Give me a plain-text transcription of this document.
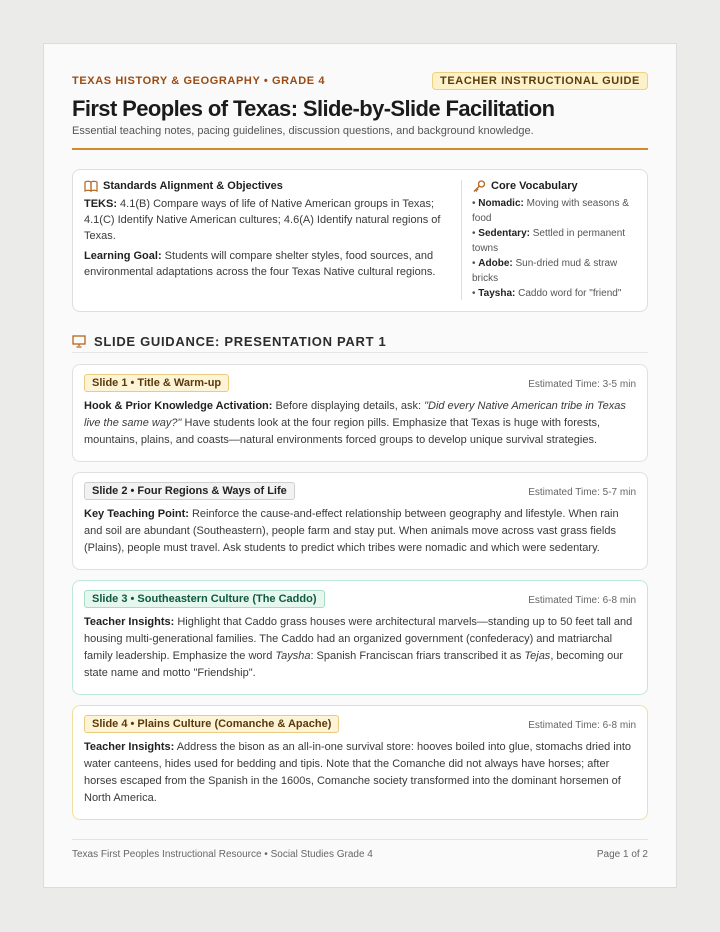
TEXAS HISTORY & GEOGRAPHY • GRADE 4	TEACHER INSTRUCTIONAL GUIDE
First Peoples of Texas: Slide-by-Slide Facilitation
Essential teaching notes, pacing guidelines, discussion questions, and background knowledge.
Standards Alignment & Objectives

TEKS: 4.1(B) Compare ways of life of Native American groups in Texas; 4.1(C) Identify Native American cultures; 4.6(A) Identify natural regions of Texas.

Learning Goal: Students will compare shelter styles, food sources, and environmental adaptations across the four Texas Native cultural regions.

Core Vocabulary
• Nomadic: Moving with seasons & food
• Sedentary: Settled in permanent towns
• Adobe: Sun-dried mud & straw bricks
• Taysha: Caddo word for "friend"
SLIDE GUIDANCE: PRESENTATION PART 1
Slide 1 • Title & Warm-up	Estimated Time: 3-5 min

Hook & Prior Knowledge Activation: Before displaying details, ask: "Did every Native American tribe in Texas live the same way?" Have students look at the four region pills. Emphasize that Texas is huge with forests, mountains, plains, and coasts—natural environments forced groups to develop unique survival strategies.

Slide 2 • Four Regions & Ways of Life	Estimated Time: 5-7 min

Key Teaching Point: Reinforce the cause-and-effect relationship between geography and lifestyle. When rain and soil are abundant (Southeastern), people farm and stay put. When animals move across vast grass fields (Plains), people must travel. Ask students to predict which tribes were nomadic and which were sedentary.

Slide 3 • Southeastern Culture (The Caddo)	Estimated Time: 6-8 min

Teacher Insights: Highlight that Caddo grass houses were architectural marvels—standing up to 50 feet tall and housing multi-generational families. The Caddo had an organized government (confederacy) and matriarchal family leadership. Emphasize the word Taysha: Spanish Franciscan friars transcribed it as Tejas, becoming our state name and motto "Friendship".

Slide 4 • Plains Culture (Comanche & Apache)	Estimated Time: 6-8 min

Teacher Insights: Address the bison as an all-in-one survival store: hooves boiled into glue, stomachs dried into water canteens, hides used for bedding and tipis. Note that the Comanche did not always have horses; after horses escaped from the Spanish in the 1600s, Comanche society transformed into the dominant horsemen of North America.

Texas First Peoples Instructional Resource • Social Studies Grade 4	Page 1 of 2
